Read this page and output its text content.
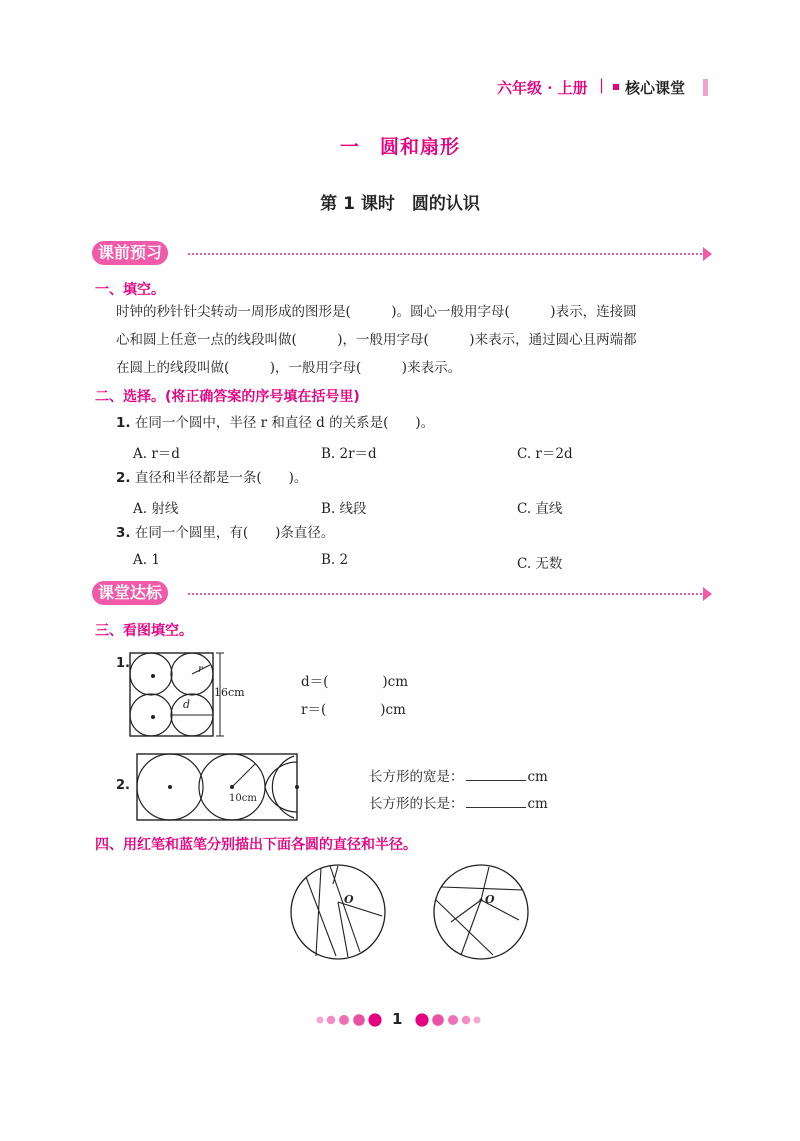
六年级 · 上册 | 核心课堂
一　圆和扇形
第 1 课时　圆的认识
课前预习
一、填空。
时钟的秒针针尖转动一周形成的图形是(　　　)。圆心一般用字母(　　　)表示，连接圆
心和圆上任意一点的线段叫做(　　　)，一般用字母(　　　)来表示，通过圆心且两端都
在圆上的线段叫做(　　　)，一般用字母(　　　)来表示。
二、选择。(将正确答案的序号填在括号里)
1. 在同一个圆中，半径 r 和直径 d 的关系是(　　)。
A. r＝d	B. 2r＝d	C. r＝2d
2. 直径和半径都是一条(　　)。
A. 射线	B. 线段	C. 直线
3. 在同一个圆里，有(　　)条直径。
A. 1	B. 2	C. 无数
课堂达标
三、看图填空。
1.	r
d
16cm
d＝(　　　　)cm
r＝(　　　　)cm
2.
10cm
长方形的宽是：	cm
长方形的长是：	cm
四、用红笔和蓝笔分别描出下面各圆的直径和半径。
O	O
1
